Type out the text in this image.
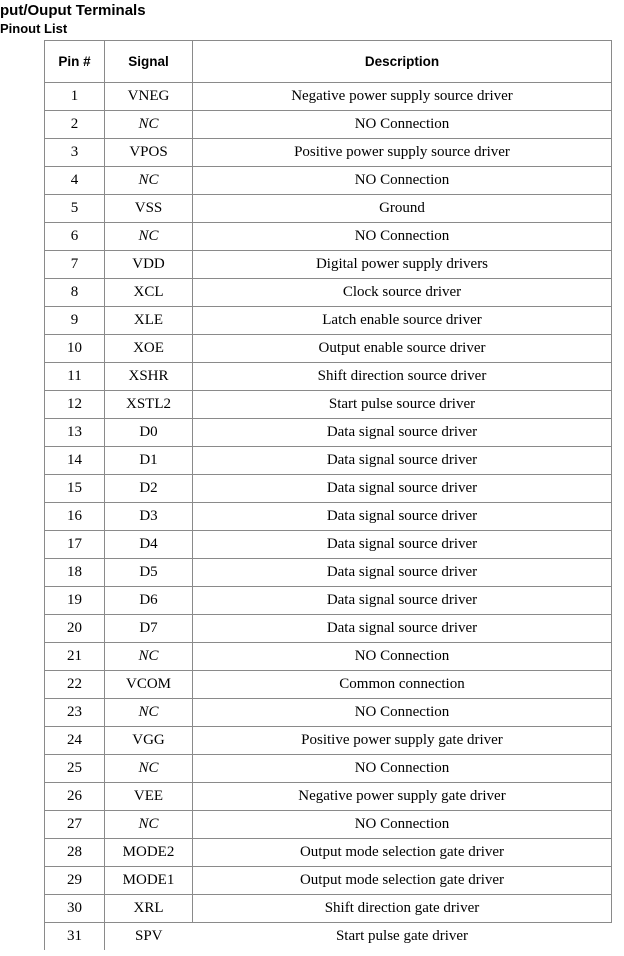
put/Ouput Terminals
Pinout List
Pin #	Signal	Description
1	VNEG	Negative power supply source driver
2	NC	NO Connection
3	VPOS	Positive power supply source driver
4	NC	NO Connection
5	VSS	Ground
6	NC	NO Connection
7	VDD	Digital power supply drivers
8	XCL	Clock source driver
9	XLE	Latch enable source driver
10	XOE	Output enable source driver
11	XSHR	Shift direction source driver
12	XSTL2	Start pulse source driver
13	D0	Data signal source driver
14	D1	Data signal source driver
15	D2	Data signal source driver
16	D3	Data signal source driver
17	D4	Data signal source driver
18	D5	Data signal source driver
19	D6	Data signal source driver
20	D7	Data signal source driver
21	NC	NO Connection
22	VCOM	Common connection
23	NC	NO Connection
24	VGG	Positive power supply gate driver
25	NC	NO Connection
26	VEE	Negative power supply gate driver
27	NC	NO Connection
28	MODE2	Output mode selection gate driver
29	MODE1	Output mode selection gate driver
30	XRL	Shift direction gate driver
31	SPV	Start pulse gate driver
